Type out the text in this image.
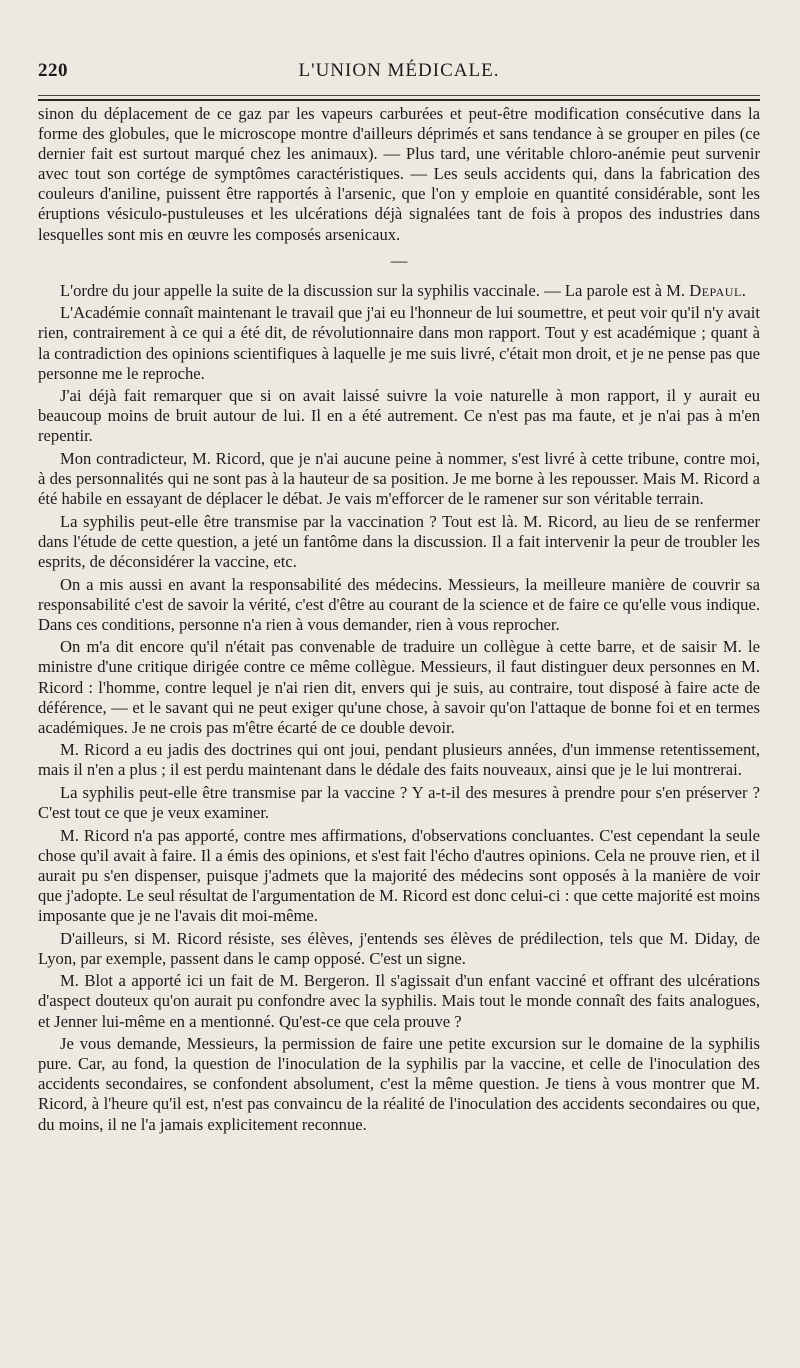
220	L'UNION MÉDICALE.

sinon du déplacement de ce gaz par les vapeurs carburées et peut-être modification consécutive dans la forme des globules, que le microscope montre d'ailleurs déprimés et sans tendance à se grouper en piles (ce dernier fait est surtout marqué chez les animaux). — Plus tard, une véritable chloro-anémie peut survenir avec tout son cortége de symptômes caractéristiques. — Les seuls accidents qui, dans la fabrication des couleurs d'aniline, puissent être rapportés à l'arsenic, que l'on y emploie en quantité considérable, sont les éruptions vésiculo-pustuleuses et les ulcérations déjà signalées tant de fois à propos des industries dans lesquelles sont mis en œuvre les composés arsenicaux.

—

L'ordre du jour appelle la suite de la discussion sur la syphilis vaccinale. — La parole est à M. Depaul.

L'Académie connaît maintenant le travail que j'ai eu l'honneur de lui soumettre, et peut voir qu'il n'y avait rien, contrairement à ce qui a été dit, de révolutionnaire dans mon rapport. Tout y est académique ; quant à la contradiction des opinions scientifiques à laquelle je me suis livré, c'était mon droit, et je ne pense pas que personne me le reproche.

J'ai déjà fait remarquer que si on avait laissé suivre la voie naturelle à mon rapport, il y aurait eu beaucoup moins de bruit autour de lui. Il en a été autrement. Ce n'est pas ma faute, et je n'ai pas à m'en repentir.

Mon contradicteur, M. Ricord, que je n'ai aucune peine à nommer, s'est livré à cette tribune, contre moi, à des personnalités qui ne sont pas à la hauteur de sa position. Je me borne à les repousser. Mais M. Ricord a été habile en essayant de déplacer le débat. Je vais m'efforcer de le ramener sur son véritable terrain.

La syphilis peut-elle être transmise par la vaccination ? Tout est là. M. Ricord, au lieu de se renfermer dans l'étude de cette question, a jeté un fantôme dans la discussion. Il a fait intervenir la peur de troubler les esprits, de déconsidérer la vaccine, etc.

On a mis aussi en avant la responsabilité des médecins. Messieurs, la meilleure manière de couvrir sa responsabilité c'est de savoir la vérité, c'est d'être au courant de la science et de faire ce qu'elle vous indique. Dans ces conditions, personne n'a rien à vous demander, rien à vous reprocher.

On m'a dit encore qu'il n'était pas convenable de traduire un collègue à cette barre, et de saisir M. le ministre d'une critique dirigée contre ce même collègue. Messieurs, il faut distinguer deux personnes en M. Ricord : l'homme, contre lequel je n'ai rien dit, envers qui je suis, au contraire, tout disposé à faire acte de déférence, — et le savant qui ne peut exiger qu'une chose, à savoir qu'on l'attaque de bonne foi et en termes académiques. Je ne crois pas m'être écarté de ce double devoir.

M. Ricord a eu jadis des doctrines qui ont joui, pendant plusieurs années, d'un immense retentissement, mais il n'en a plus ; il est perdu maintenant dans le dédale des faits nouveaux, ainsi que je le lui montrerai.

La syphilis peut-elle être transmise par la vaccine ? Y a-t-il des mesures à prendre pour s'en préserver ? C'est tout ce que je veux examiner.

M. Ricord n'a pas apporté, contre mes affirmations, d'observations concluantes. C'est cependant la seule chose qu'il avait à faire. Il a émis des opinions, et s'est fait l'écho d'autres opinions. Cela ne prouve rien, et il aurait pu s'en dispenser, puisque j'admets que la majorité des médecins sont opposés à la manière de voir que j'adopte. Le seul résultat de l'argumentation de M. Ricord est donc celui-ci : que cette majorité est moins imposante que je ne l'avais dit moi-même.

D'ailleurs, si M. Ricord résiste, ses élèves, j'entends ses élèves de prédilection, tels que M. Diday, de Lyon, par exemple, passent dans le camp opposé. C'est un signe.

M. Blot a apporté ici un fait de M. Bergeron. Il s'agissait d'un enfant vacciné et offrant des ulcérations d'aspect douteux qu'on aurait pu confondre avec la syphilis. Mais tout le monde connaît des faits analogues, et Jenner lui-même en a mentionné. Qu'est-ce que cela prouve ?

Je vous demande, Messieurs, la permission de faire une petite excursion sur le domaine de la syphilis pure. Car, au fond, la question de l'inoculation de la syphilis par la vaccine, et celle de l'inoculation des accidents secondaires, se confondent absolument, c'est la même question. Je tiens à vous montrer que M. Ricord, à l'heure qu'il est, n'est pas convaincu de la réalité de l'inoculation des accidents secondaires ou que, du moins, il ne l'a jamais explicitement reconnue.
